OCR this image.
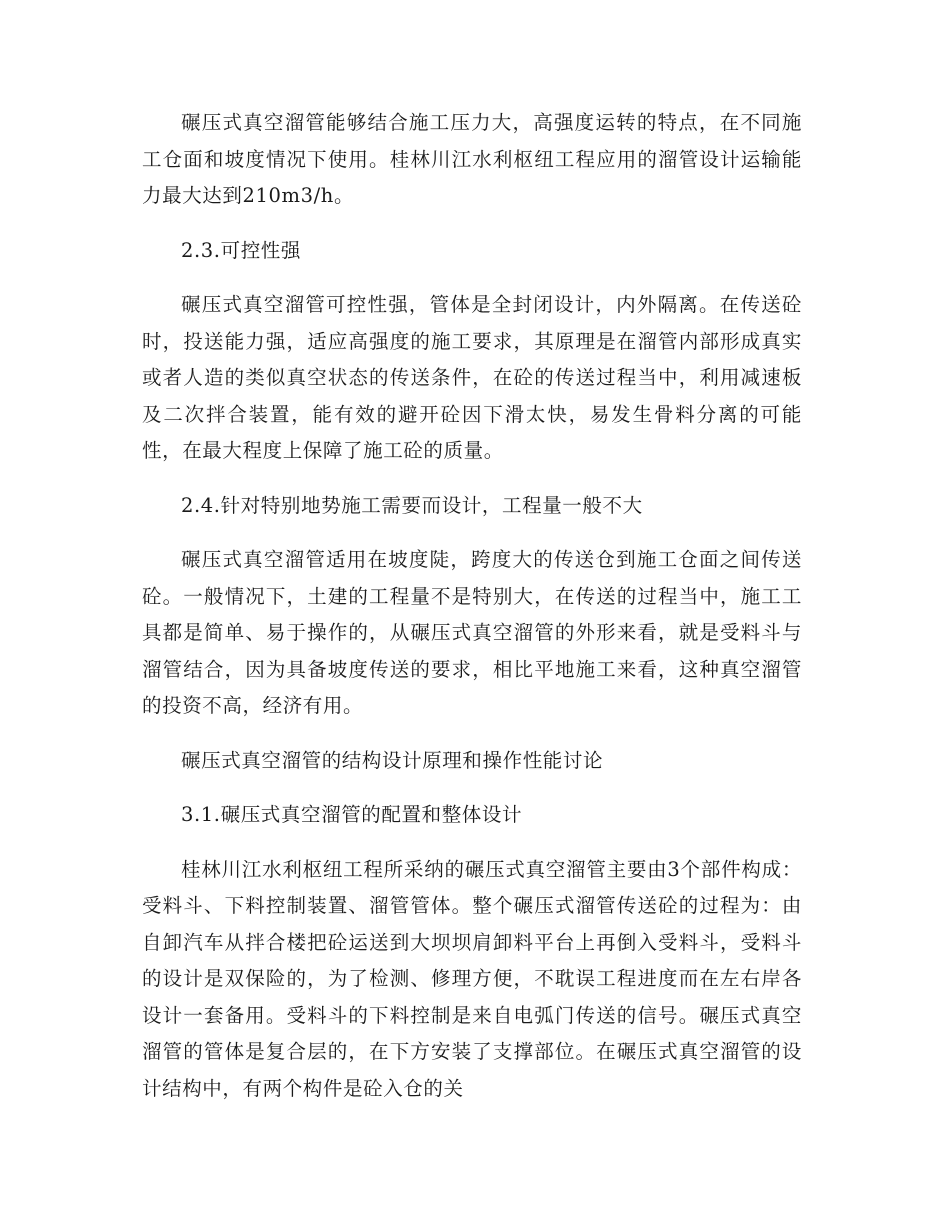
碾压式真空溜管能够结合施工压力大，高强度运转的特点，在不同施工仓面和坡度情况下使用。桂林川江水利枢纽工程应用的溜管设计运输能力最大达到210m3/h。

2.3.可控性强

碾压式真空溜管可控性强，管体是全封闭设计，内外隔离。在传送砼时，投送能力强，适应高强度的施工要求，其原理是在溜管内部形成真实或者人造的类似真空状态的传送条件，在砼的传送过程当中，利用减速板及二次拌合装置，能有效的避开砼因下滑太快，易发生骨料分离的可能性，在最大程度上保障了施工砼的质量。

2.4.针对特别地势施工需要而设计，工程量一般不大

碾压式真空溜管适用在坡度陡，跨度大的传送仓到施工仓面之间传送砼。一般情况下，土建的工程量不是特别大，在传送的过程当中，施工工具都是简单、易于操作的，从碾压式真空溜管的外形来看，就是受料斗与溜管结合，因为具备坡度传送的要求，相比平地施工来看，这种真空溜管的投资不高，经济有用。

碾压式真空溜管的结构设计原理和操作性能讨论

3.1.碾压式真空溜管的配置和整体设计

桂林川江水利枢纽工程所采纳的碾压式真空溜管主要由3个部件构成：受料斗、下料控制装置、溜管管体。整个碾压式溜管传送砼的过程为：由自卸汽车从拌合楼把砼运送到大坝坝肩卸料平台上再倒入受料斗，受料斗的设计是双保险的，为了检测、修理方便，不耽误工程进度而在左右岸各设计一套备用。受料斗的下料控制是来自电弧门传送的信号。碾压式真空溜管的管体是复合层的，在下方安装了支撑部位。在碾压式真空溜管的设计结构中，有两个构件是砼入仓的关
